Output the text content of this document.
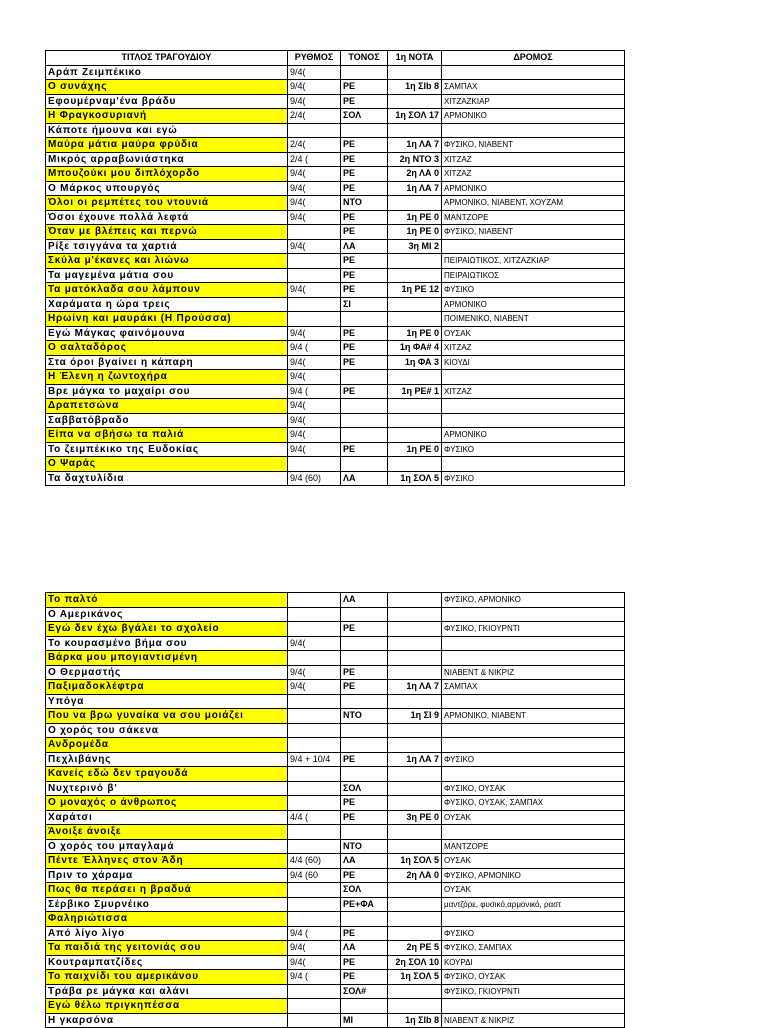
ΤΙΤΛΟΣ ΤΡΑΓΟΥΔΙΟΥ	ΡΥΘΜΟΣ	ΤΟΝΟΣ	1η ΝΟΤΑ	ΔΡΟΜΟΣ
Αράπ Ζειμπέκικο	9/4(			
Ο συνάχης	9/4(	ΡΕ	1η Σlb 8	ΣΑΜΠΑΧ
Εφουμέρναμ'ένα βράδυ	9/4(	ΡΕ		ΧΙΤΖΑΖΚΙΑΡ
Η Φραγκοσυριανή	2/4(	ΣΟΛ	1η ΣΟΛ 17	ΑΡΜΟΝΙΚΟ
Κάποτε ήμουνα και εγώ				
Μαύρα μάτια μαύρα φρύδια	2/4(	ΡΕ	1η ΛΑ 7	ΦΥΣΙΚΟ, ΝΙΑΒΕΝΤ
Μικρός αρραβωνιάστηκα	2/4 (	ΡΕ	2η ΝΤΟ 3	ΧΙΤΖΑΖ
Μπουζούκι μου διπλόχορδο	9/4(	ΡΕ	2η ΛΑ 0	ΧΙΤΖΑΖ
Ο Μάρκος υπουργός	9/4(	ΡΕ	1η ΛΑ 7	ΑΡΜΟΝΙΚΟ
Όλοι οι ρεμπέτες του ντουνιά	9/4(	ΝΤΟ		ΑΡΜΟΝΙΚΟ, ΝΙΑΒΕΝΤ, ΧΟΥΖΑΜ
Όσοι έχουνε πολλά λεφτά	9/4(	ΡΕ	1η ΡΕ 0	ΜΑΝΤΖΟΡΕ
Όταν με βλέπεις και περνώ		ΡΕ	1η ΡΕ 0	ΦΥΣΙΚΟ, ΝΙΑΒΕΝΤ
Ρίξε τσιγγάνα τα χαρτιά	9/4(	ΛΑ	3η ΜΙ 2	
Σκύλα μ'έκανες και λιώνω		ΡΕ		ΠΕΙΡΑΙΩΤΙΚΟΣ, ΧΙΤΖΑΖΚΙΑΡ
Τα μαγεμένα μάτια σου		ΡΕ		ΠΕΙΡΑΙΩΤΙΚΟΣ
Τα ματόκλαδα σου λάμπουν	9/4(	ΡΕ	1η ΡΕ 12	ΦΥΣΙΚΟ
Χαράματα η ώρα τρεις		ΣΙ		ΑΡΜΟΝΙΚΟ
Ηρωίνη και μαυράκι (Η Προύσσα)				ΠΟΙΜΕΝΙΚΟ, ΝΙΑΒΕΝΤ
Εγώ Μάγκας φαινόμουνα	9/4(	ΡΕ	1η ΡΕ 0	ΟΥΣΑΚ
Ο σαλταδόρος	9/4 (	ΡΕ	1η ΦΑ# 4	ΧΙΤΖΑΖ
Στα όροι βγαίνει η κάπαρη	9/4(	ΡΕ	1η ΦΑ 3	ΚΙΟΥΔΙ
Η Έλενη η ζωντοχήρα	9/4(			
Βρε μάγκα το μαχαίρι σου	9/4 (	ΡΕ	1η ΡΕ# 1	ΧΙΤΖΑΖ
Δραπετσώνα	9/4(			
Σαββατόβραδο	9/4(			
Είπα να σβήσω τα παλιά	9/4(			ΑΡΜΟΝΙΚΟ
Το ζειμπέκικο της Ευδοκίας	9/4(	ΡΕ	1η ΡΕ 0	ΦΥΣΙΚΟ
Ο Ψαράς				
Τα δαχτυλίδια	9/4 (60)	ΛΑ	1η ΣΟΛ 5	ΦΥΣΙΚΟ
Το παλτό		ΛΑ		ΦΥΣΙΚΟ, ΑΡΜΟΝΙΚΟ
Ο Αμερικάνος				
Εγώ δεν έχω βγάλει το σχολείο		ΡΕ		ΦΥΣΙΚΟ, ΓΚΙΟΥΡΝΤΙ
Το κουρασμένο βήμα σου	9/4(			
Βάρκα μου μπογιαντισμένη				
Ο Θερμαστής	9/4(	ΡΕ		ΝΙΑΒΕΝΤ & ΝΙΚΡΙΖ
Παξιμαδοκλέφτρα	9/4(	ΡΕ	1η ΛΑ 7	ΣΑΜΠΑΧ
Υπόγα				
Που να βρω γυναίκα να σου μοιάζει		ΝΤΟ	1η ΣΙ 9	ΑΡΜΟΝΙΚΟ, ΝΙΑΒΕΝΤ
Ο χορός του σάκενα				
Ανδρομέδα				
Πεχλιβάνης	9/4 + 10/4	ΡΕ	1η ΛΑ 7	ΦΥΣΙΚΟ
Κανείς εδώ δεν τραγουδά				
Νυχτερινό β'		ΣΟΛ		ΦΥΣΙΚΟ, ΟΥΣΑΚ
Ο μοναχός ο άνθρωπος		ΡΕ		ΦΥΣΙΚΟ, ΟΥΣΑΚ, ΣΑΜΠΑΧ
Χαράτσι	4/4 (	ΡΕ	3η ΡΕ 0	ΟΥΣΑΚ
Άνοιξε άνοιξε				
Ο χορός του μπαγλαμά		ΝΤΟ		ΜΑΝΤΖΟΡΕ
Πέντε Έλληνες στον Άδη	4/4 (60)	ΛΑ	1η ΣΟΛ 5	ΟΥΣΑΚ
Πριν το χάραμα	9/4 (60	ΡΕ	2η ΛΑ 0	ΦΥΣΙΚΟ, ΑΡΜΟΝΙΚΟ
Πως θα περάσει η βραδυά		ΣΟΛ		ΟΥΣΑΚ
Σέρβικο Σμυρνέικο		ΡΕ+ΦΑ		μαντζόρε, φυσικό,αρμονικό, ραστ
Φαληριώτισσα				
Από λίγο λίγο	9/4 (	ΡΕ		ΦΥΣΙΚΟ
Τα παιδιά της γειτονιάς σου	9/4(	ΛΑ	2η ΡΕ 5	ΦΥΣΙΚΟ, ΣΑΜΠΑΧ
Κουτραμπατζίδες	9/4(	ΡΕ	2η ΣΟΛ 10	ΚΟΥΡΔΙ
Το παιχνίδι του αμερικάνου	9/4 (	ΡΕ	1η ΣΟΛ 5	ΦΥΣΙΚΟ, ΟΥΣΑΚ
Τράβα ρε μάγκα και αλάνι		ΣΟΛ#		ΦΥΣΙΚΟ, ΓΚΙΟΥΡΝΤΙ
Εγώ θέλω πριγκηπέσσα				
Η γκαρσόνα		ΜΙ	1η Σlb 8	ΝΙΑΒΕΝΤ & ΝΙΚΡΙΖ
